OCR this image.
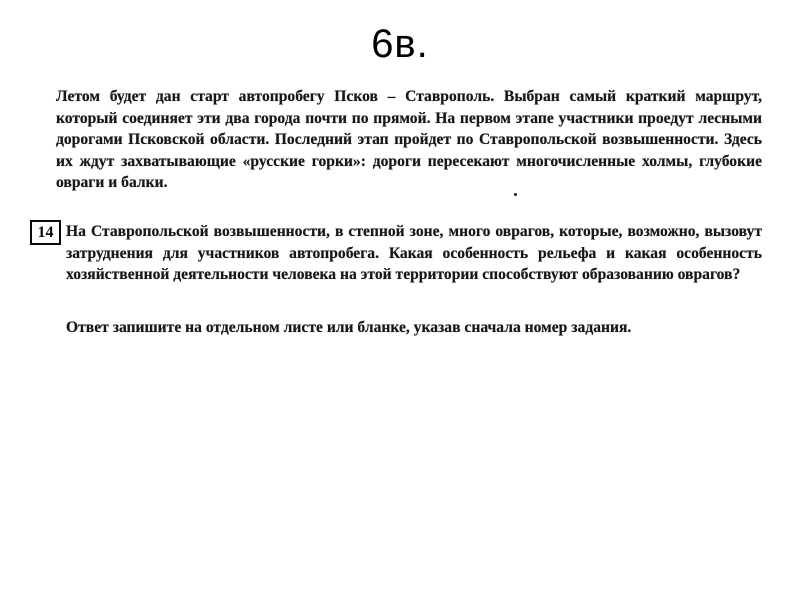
6в.
Летом будет дан старт автопробегу Псков – Ставрополь. Выбран самый краткий маршрут, который соединяет эти два города почти по прямой. На первом этапе участники проедут лесными дорогами Псковской области. Последний этап пройдет по Ставропольской возвышенности. Здесь их ждут захватывающие «русские горки»: дороги пересекают многочисленные холмы, глубокие овраги и балки.
14 На Ставропольской возвышенности, в степной зоне, много оврагов, которые, возможно, вызовут затруднения для участников автопробега. Какая особенность рельефа и какая особенность хозяйственной деятельности человека на этой территории способствуют образованию оврагов?
Ответ запишите на отдельном листе или бланке, указав сначала номер задания.
